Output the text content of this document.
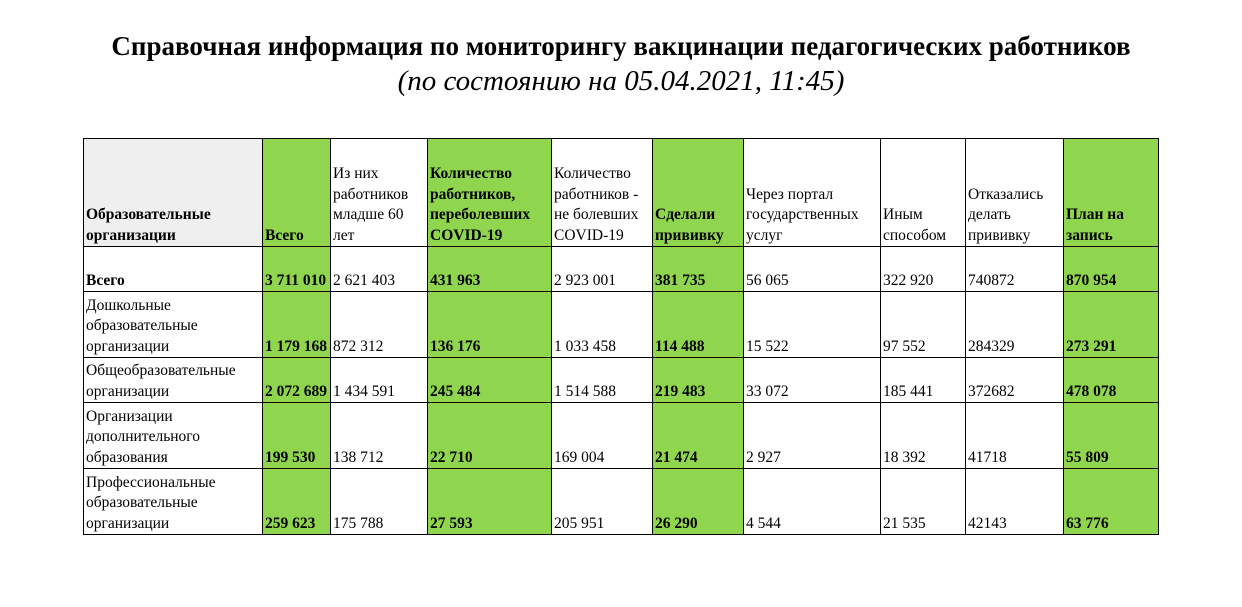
Справочная информация по мониторингу вакцинации педагогических работников
(по состоянию на 05.04.2021, 11:45)
Образовательные организации	Всего	Из них работников младше 60 лет	Количество работников, переболевших COVID-19	Количество работников - не болевших COVID-19	Сделали прививку	Через портал государственных услуг	Иным способом	Отказались делать прививку	План на запись
Всего	3 711 010	2 621 403	431 963	2 923 001	381 735	56 065	322 920	740872	870 954
Дошкольные образовательные организации	1 179 168	872 312	136 176	1 033 458	114 488	15 522	97 552	284329	273 291
Общеобразовательные организации	2 072 689	1 434 591	245 484	1 514 588	219 483	33 072	185 441	372682	478 078
Организации дополнительного образования	199 530	138 712	22 710	169 004	21 474	2 927	18 392	41718	55 809
Профессиональные образовательные организации	259 623	175 788	27 593	205 951	26 290	4 544	21 535	42143	63 776
